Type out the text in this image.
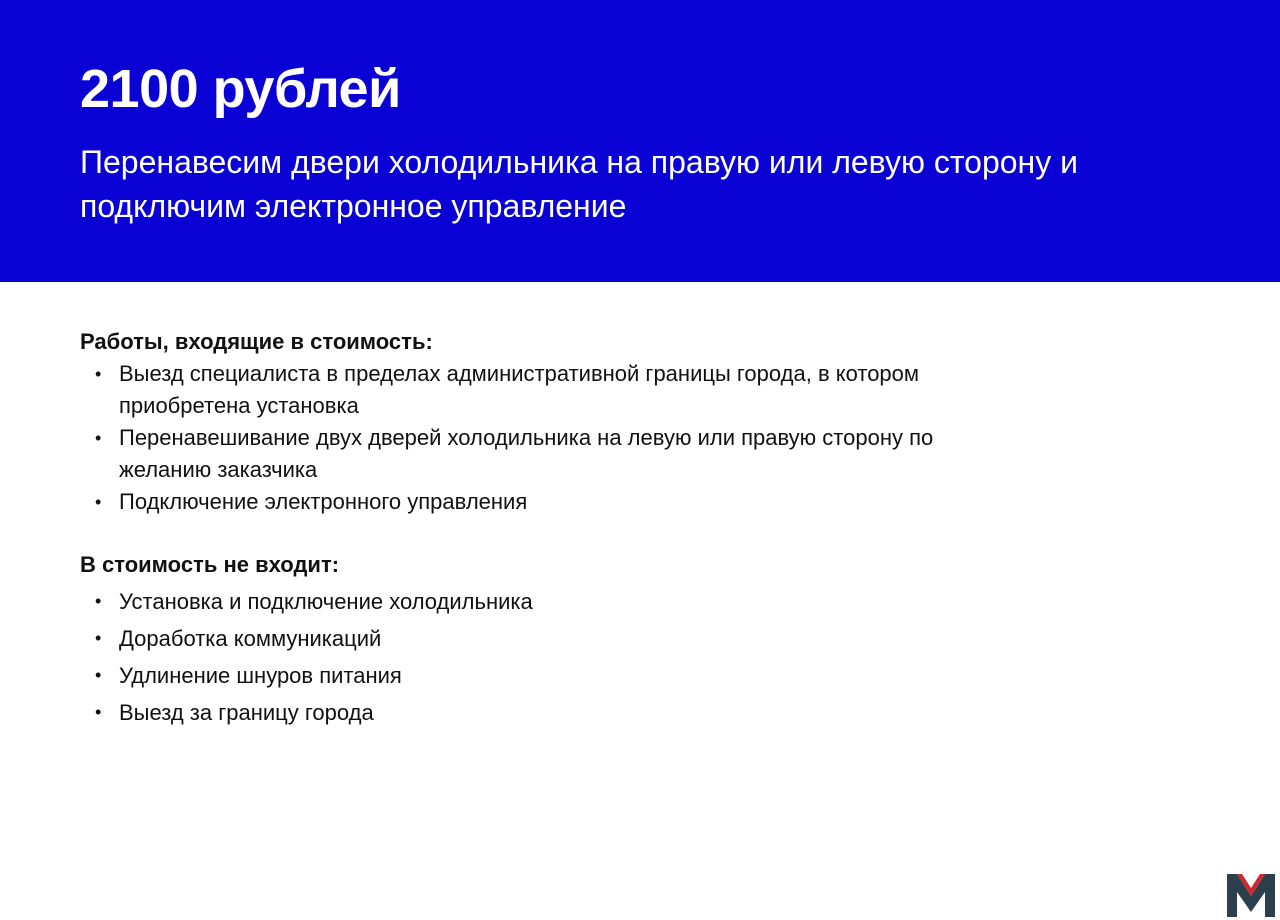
2100 рублей

Перенавесим двери холодильника на правую или левую сторону и подключим электронное управление

Работы, входящие в стоимость:
• Выезд специалиста в пределах административной границы города, в котором приобретена установка
• Перенавешивание двух дверей холодильника на левую или правую сторону по желанию заказчика
• Подключение электронного управления
В стоимость не входит:
• Установка и подключение холодильника
• Доработка коммуникаций
• Удлинение шнуров питания
• Выезд за границу города
